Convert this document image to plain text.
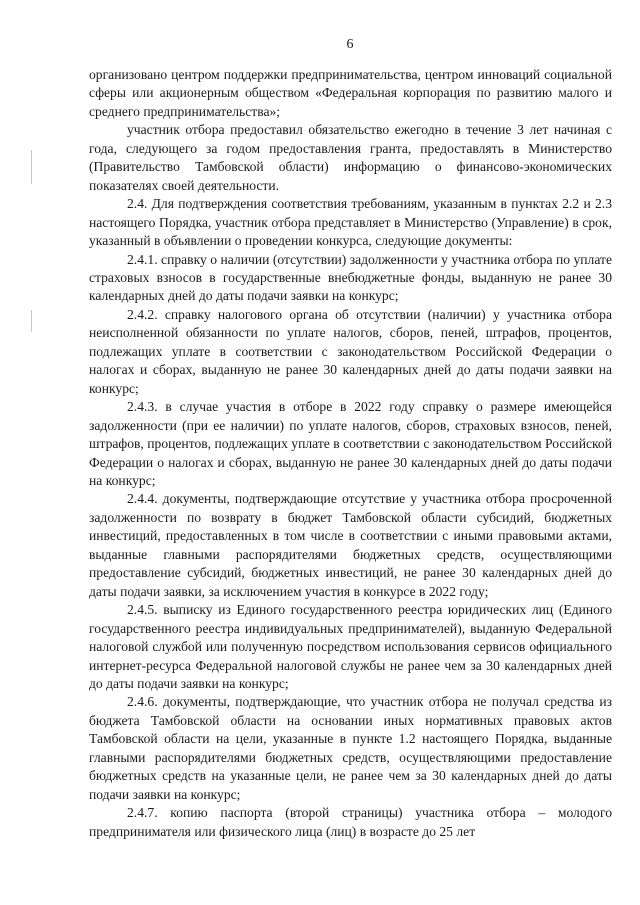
6

организовано центром поддержки предпринимательства, центром инноваций социальной сферы или акционерным обществом «Федеральная корпорация по развитию малого и среднего предпринимательства»;

участник отбора предоставил обязательство ежегодно в течение 3 лет начиная с года, следующего за годом предоставления гранта, предоставлять в Министерство (Правительство Тамбовской области) информацию о финансово-экономических показателях своей деятельности.

2.4. Для подтверждения соответствия требованиям, указанным в пунктах 2.2 и 2.3 настоящего Порядка, участник отбора представляет в Министерство (Управление) в срок, указанный в объявлении о проведении конкурса, следующие документы:

2.4.1. справку о наличии (отсутствии) задолженности у участника отбора по уплате страховых взносов в государственные внебюджетные фонды, выданную не ранее 30 календарных дней до даты подачи заявки на конкурс;

2.4.2. справку налогового органа об отсутствии (наличии) у участника отбора неисполненной обязанности по уплате налогов, сборов, пеней, штрафов, процентов, подлежащих уплате в соответствии с законодательством Российской Федерации о налогах и сборах, выданную не ранее 30 календарных дней до даты подачи заявки на конкурс;

2.4.3. в случае участия в отборе в 2022 году справку о размере имеющейся задолженности (при ее наличии) по уплате налогов, сборов, страховых взносов, пеней, штрафов, процентов, подлежащих уплате в соответствии с законодательством Российской Федерации о налогах и сборах, выданную не ранее 30 календарных дней до даты подачи на конкурс;

2.4.4. документы, подтверждающие отсутствие у участника отбора просроченной задолженности по возврату в бюджет Тамбовской области субсидий, бюджетных инвестиций, предоставленных в том числе в соответствии с иными правовыми актами, выданные главными распорядителями бюджетных средств, осуществляющими предоставление субсидий, бюджетных инвестиций, не ранее 30 календарных дней до даты подачи заявки, за исключением участия в конкурсе в 2022 году;

2.4.5. выписку из Единого государственного реестра юридических лиц (Единого государственного реестра индивидуальных предпринимателей), выданную Федеральной налоговой службой или полученную посредством использования сервисов официального интернет-ресурса Федеральной налоговой службы не ранее чем за 30 календарных дней до даты подачи заявки на конкурс;

2.4.6. документы, подтверждающие, что участник отбора не получал средства из бюджета Тамбовской области на основании иных нормативных правовых актов Тамбовской области на цели, указанные в пункте 1.2 настоящего Порядка, выданные главными распорядителями бюджетных средств, осуществляющими предоставление бюджетных средств на указанные цели, не ранее чем за 30 календарных дней до даты подачи заявки на конкурс;

2.4.7. копию паспорта (второй страницы) участника отбора – молодого предпринимателя или физического лица (лиц) в возрасте до 25 лет
